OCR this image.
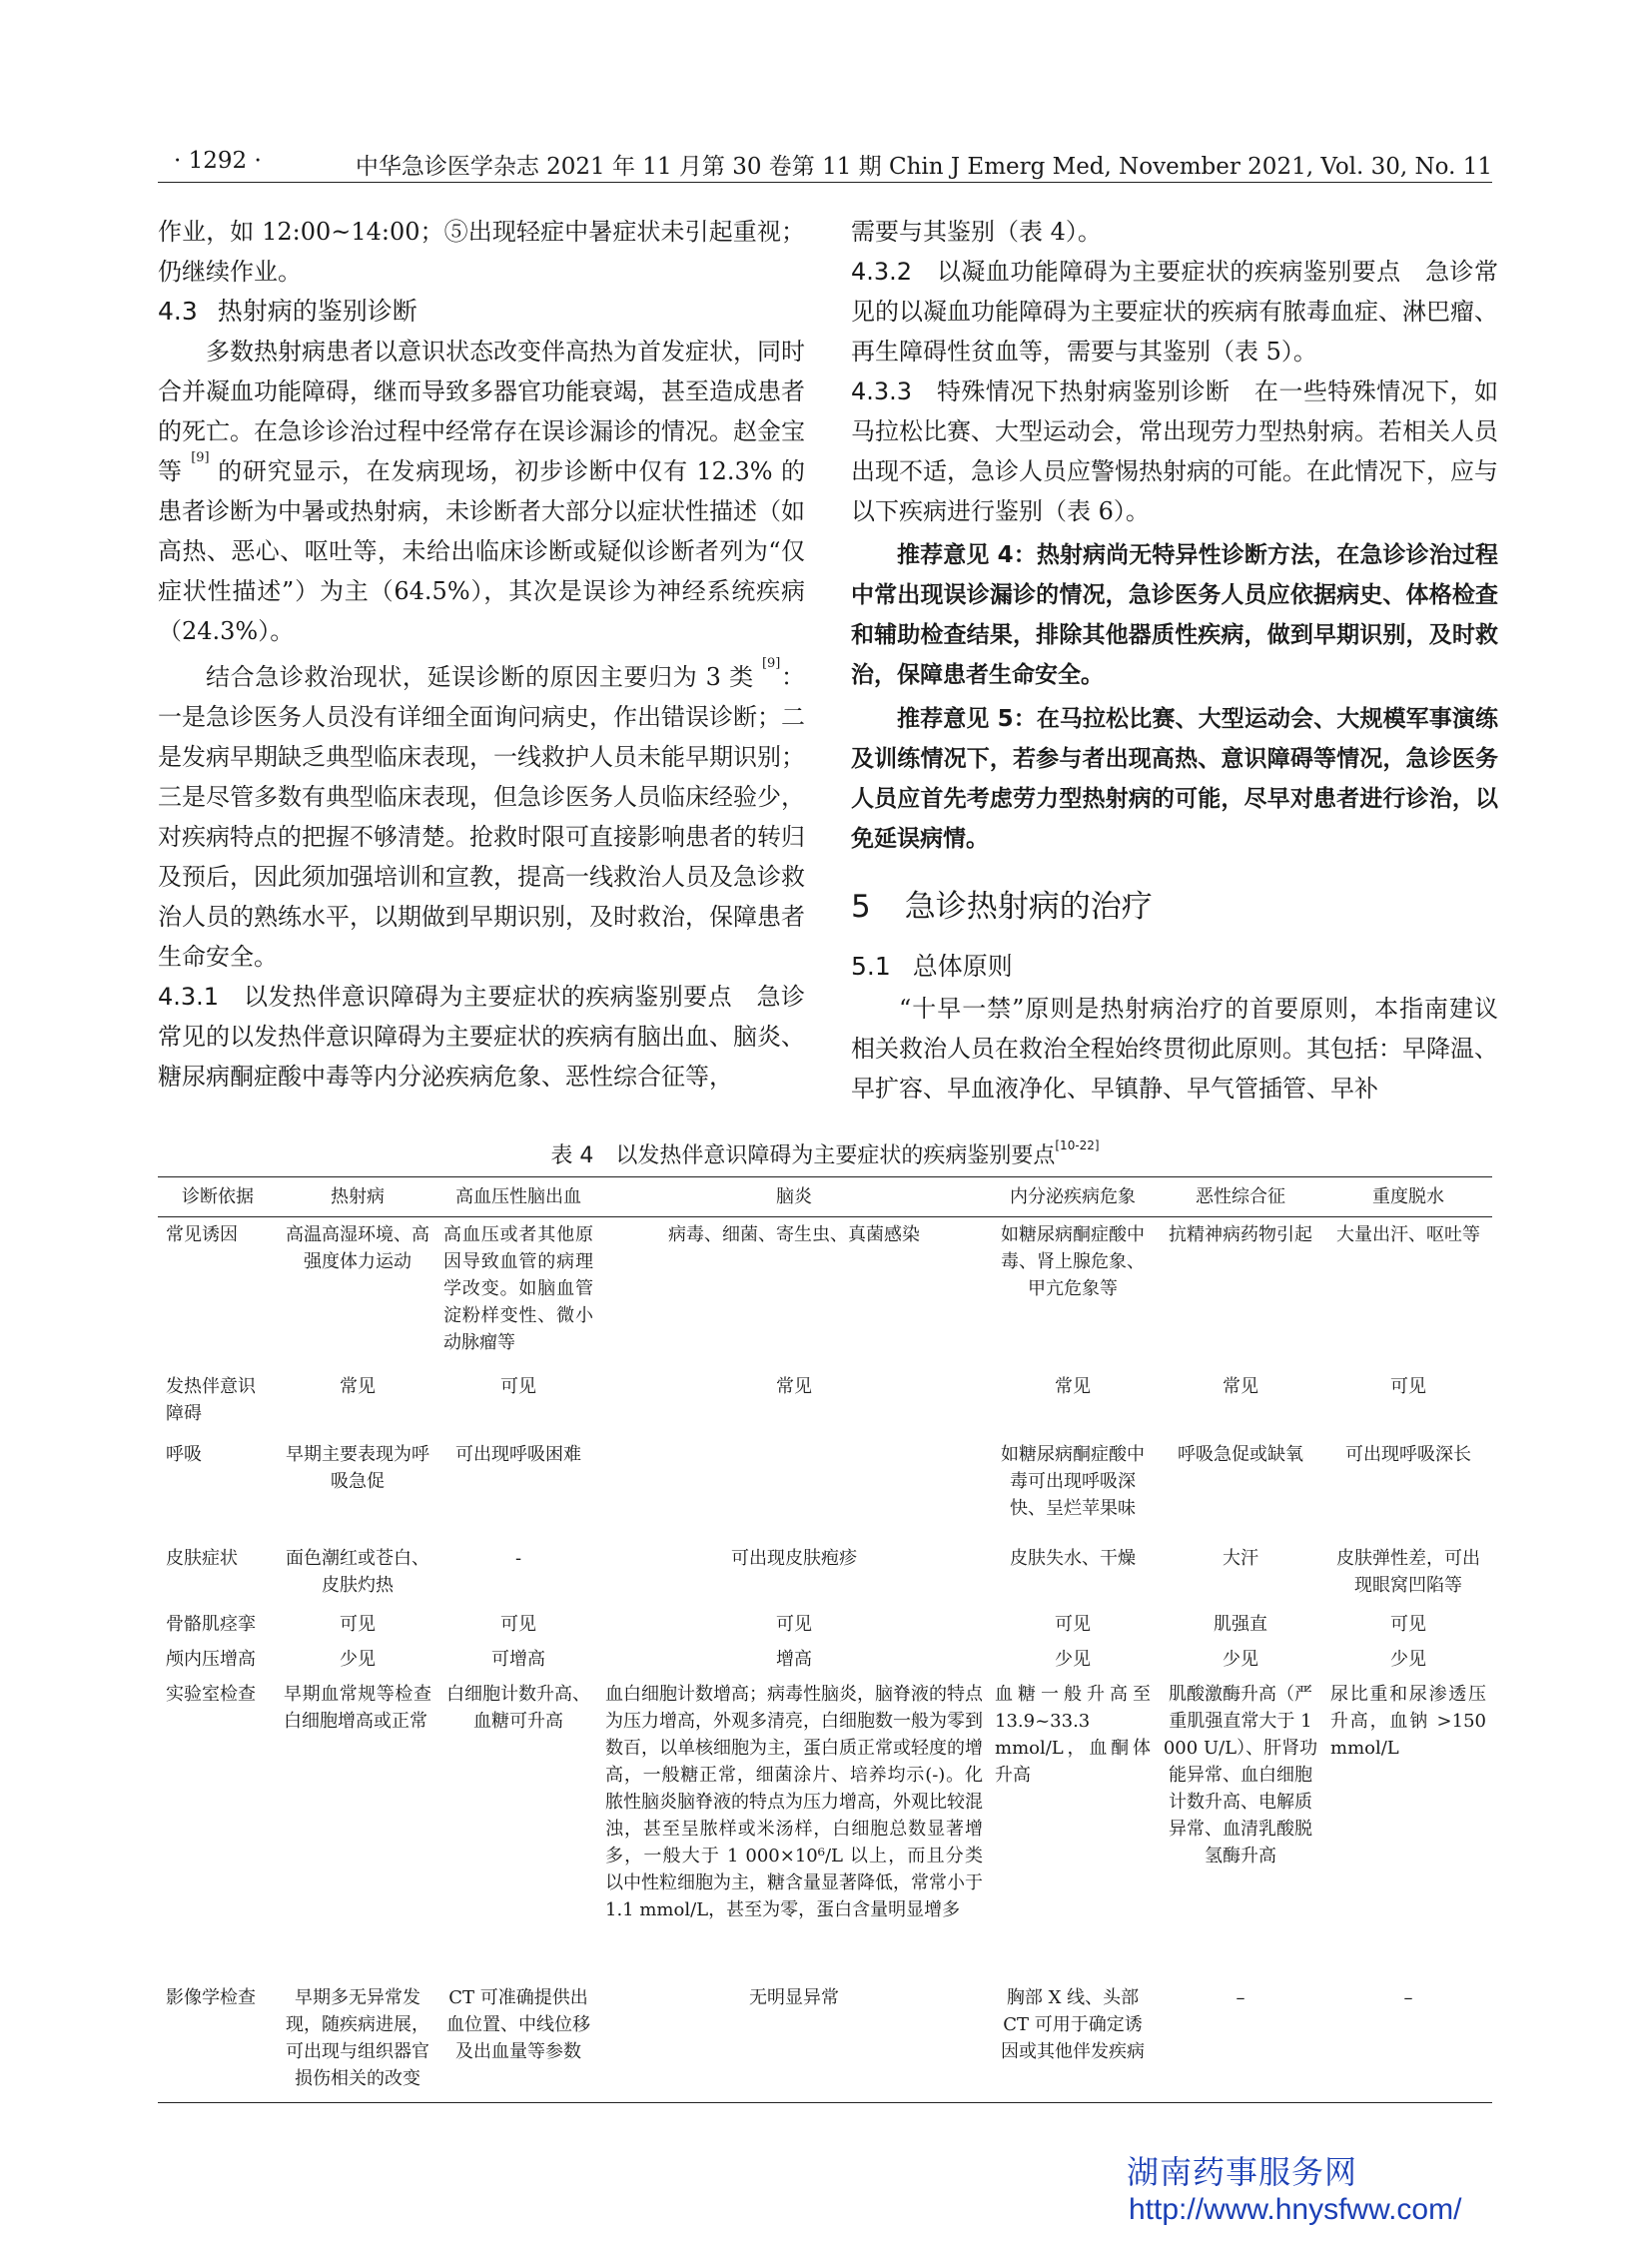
· 1292 ·	中华急诊医学杂志 2021 年 11 月第 30 卷第 11 期 Chin J Emerg Med, November 2021, Vol. 30, No. 11

作业，如 12:00~14:00；⑤出现轻症中暑症状未引起重视；仍继续作业。

4.3 热射病的鉴别诊断

多数热射病患者以意识状态改变伴高热为首发症状，同时合并凝血功能障碍，继而导致多器官功能衰竭，甚至造成患者的死亡。在急诊诊治过程中经常存在误诊漏诊的情况。赵金宝等 [9] 的研究显示，在发病现场，初步诊断中仅有 12.3% 的患者诊断为中暑或热射病，未诊断者大部分以症状性描述（如高热、恶心、呕吐等，未给出临床诊断或疑似诊断者列为“仅症状性描述”）为主（64.5%），其次是误诊为神经系统疾病（24.3%）。

结合急诊救治现状，延误诊断的原因主要归为 3 类 [9]：一是急诊医务人员没有详细全面询问病史，作出错误诊断；二是发病早期缺乏典型临床表现，一线救护人员未能早期识别；三是尽管多数有典型临床表现，但急诊医务人员临床经验少，对疾病特点的把握不够清楚。抢救时限可直接影响患者的转归及预后，因此须加强培训和宣教，提高一线救治人员及急诊救治人员的熟练水平，以期做到早期识别，及时救治，保障患者生命安全。

4.3.1　以发热伴意识障碍为主要症状的疾病鉴别要点　 急诊常见的以发热伴意识障碍为主要症状的疾病有脑出血、脑炎、糖尿病酮症酸中毒等内分泌疾病危象、恶性综合征等，

需要与其鉴别（表 4）。

4.3.2　以凝血功能障碍为主要症状的疾病鉴别要点　 急诊常见的以凝血功能障碍为主要症状的疾病有脓毒血症、淋巴瘤、再生障碍性贫血等，需要与其鉴别（表 5）。

4.3.3　特殊情况下热射病鉴别诊断　 在一些特殊情况下，如马拉松比赛、大型运动会，常出现劳力型热射病。若相关人员出现不适，急诊人员应警惕热射病的可能。在此情况下，应与以下疾病进行鉴别（表 6）。

推荐意见 4：热射病尚无特异性诊断方法，在急诊诊治过程中常出现误诊漏诊的情况，急诊医务人员应依据病史、体格检查和辅助检查结果，排除其他器质性疾病，做到早期识别，及时救治，保障患者生命安全。

推荐意见 5：在马拉松比赛、大型运动会、大规模军事演练及训练情况下，若参与者出现高热、意识障碍等情况，急诊医务人员应首先考虑劳力型热射病的可能，尽早对患者进行诊治，以免延误病情。

5 急诊热射病的治疗

5.1 总体原则

“十早一禁”原则是热射病治疗的首要原则，本指南建议相关救治人员在救治全程始终贯彻此原则。其包括：早降温、早扩容、早血液净化、早镇静、早气管插管、早补

表 4　以发热伴意识障碍为主要症状的疾病鉴别要点[10-22]
诊断依据	热射病	高血压性脑出血	脑炎	内分泌疾病危象	恶性综合征	重度脱水
常见诱因	高温高湿环境、高强度体力运动	高血压或者其他原因导致血管的病理学改变。如脑血管淀粉样变性、微小动脉瘤等	病毒、细菌、寄生虫、真菌感染	如糖尿病酮症酸中毒、肾上腺危象、甲亢危象等	抗精神病药物引起	大量出汗、呕吐等
发热伴意识障碍	常见	可见	常见	常见	常见	可见
呼吸	早期主要表现为呼吸急促	可出现呼吸困难		如糖尿病酮症酸中毒可出现呼吸深快、呈烂苹果味	呼吸急促或缺氧	可出现呼吸深长
皮肤症状	面色潮红或苍白、皮肤灼热	-	可出现皮肤疱疹	皮肤失水、干燥	大汗	皮肤弹性差，可出现眼窝凹陷等
骨骼肌痉挛	可见	可见	可见	可见	肌强直	可见
颅内压增高	少见	可增高	增高	少见	少见	少见
实验室检查	早期血常规等检查白细胞增高或正常	白细胞计数升高、血糖可升高	血白细胞计数增高；病毒性脑炎，脑脊液的特点为压力增高，外观多清亮，白细胞数一般为零到数百，以单核细胞为主，蛋白质正常或轻度的增高，一般糖正常，细菌涂片、培养均示(-)。化脓性脑炎脑脊液的特点为压力增高，外观比较混浊，甚至呈脓样或米汤样，白细胞总数显著增多，一般大于 1 000×10⁶/L 以上，而且分类以中性粒细胞为主，糖含量显著降低，常常小于 1.1 mmol/L，甚至为零，蛋白含量明显增多	血糖一般升高至 13.9~33.3 mmol/L，血酮体升高	肌酸激酶升高（严重肌强直常大于 1 000 U/L）、肝肾功能异常、血白细胞计数升高、电解质异常、血清乳酸脱氢酶升高	尿比重和尿渗透压升高，血钠 >150 mmol/L
影像学检查	早期多无异常发现，随疾病进展，可出现与组织器官损伤相关的改变	CT 可准确提供出血位置、中线位移及出血量等参数	无明显异常	胸部 X 线、头部 CT 可用于确定诱因或其他伴发疾病	–	–
湖南药事服务网
http://www.hnysfww.com/
